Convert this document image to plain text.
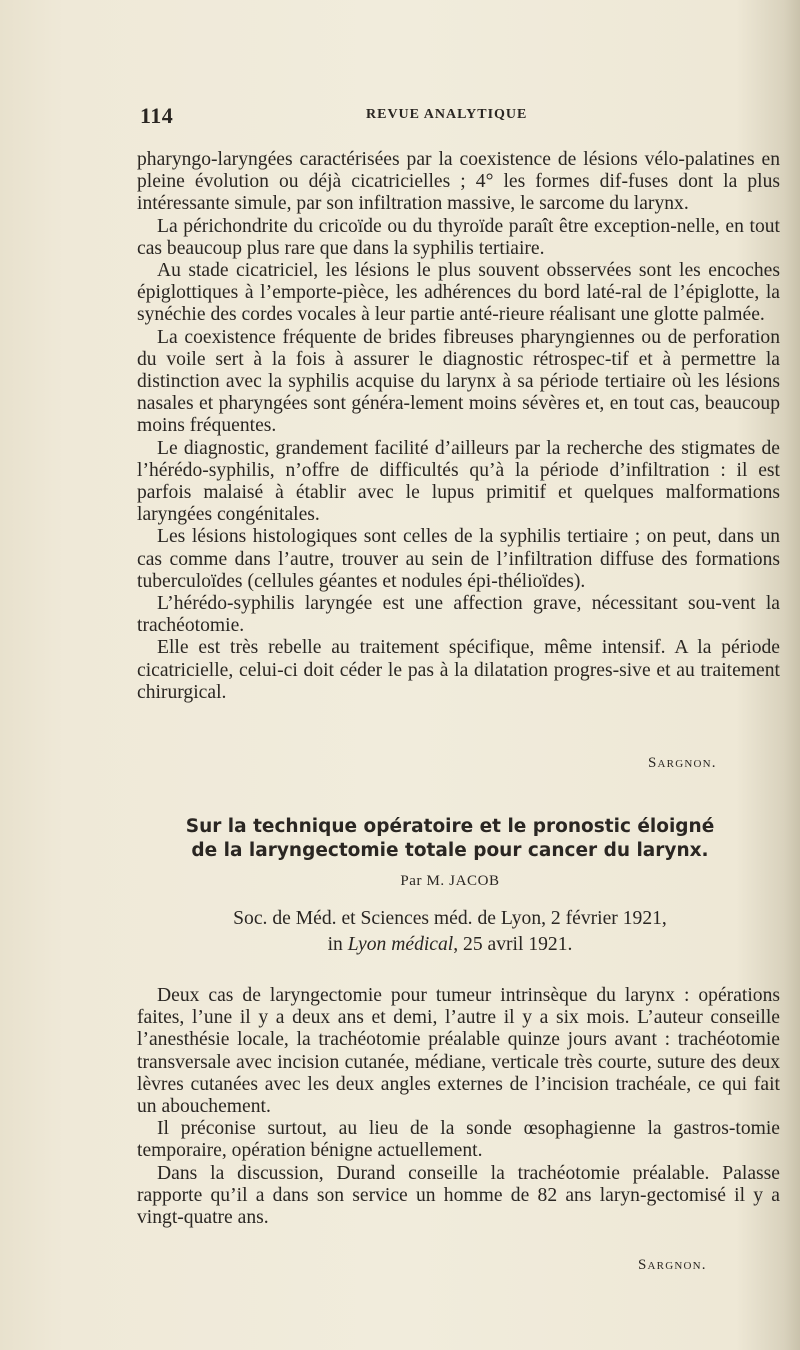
114	REVUE ANALYTIQUE

pharyngo-laryngées caractérisées par la coexistence de lésions vélo-palatines en pleine évolution ou déjà cicatricielles ; 4° les formes dif-fuses dont la plus intéressante simule, par son infiltration massive, le sarcome du larynx.

La périchondrite du cricoïde ou du thyroïde paraît être exception-nelle, en tout cas beaucoup plus rare que dans la syphilis tertiaire.

Au stade cicatriciel, les lésions le plus souvent obsservées sont les encoches épiglottiques à l’emporte-pièce, les adhérences du bord laté-ral de l’épiglotte, la synéchie des cordes vocales à leur partie anté-rieure réalisant une glotte palmée.

La coexistence fréquente de brides fibreuses pharyngiennes ou de perforation du voile sert à la fois à assurer le diagnostic rétrospec-tif et à permettre la distinction avec la syphilis acquise du larynx à sa période tertiaire où les lésions nasales et pharyngées sont généra-lement moins sévères et, en tout cas, beaucoup moins fréquentes.

Le diagnostic, grandement facilité d’ailleurs par la recherche des stigmates de l’hérédo-syphilis, n’offre de difficultés qu’à la période d’infiltration : il est parfois malaisé à établir avec le lupus primitif et quelques malformations laryngées congénitales.

Les lésions histologiques sont celles de la syphilis tertiaire ; on peut, dans un cas comme dans l’autre, trouver au sein de l’infiltration diffuse des formations tuberculoïdes (cellules géantes et nodules épi-thélioïdes).

L’hérédo-syphilis laryngée est une affection grave, nécessitant sou-vent la trachéotomie.

Elle est très rebelle au traitement spécifique, même intensif. A la période cicatricielle, celui-ci doit céder le pas à la dilatation progres-sive et au traitement chirurgical.

Sargnon.
Sur la technique opératoire et le pronostic éloigné
de la laryngectomie totale pour cancer du larynx.
Par M. JACOB
Soc. de Méd. et Sciences méd. de Lyon, 2 février 1921,
in Lyon médical, 25 avril 1921.

Deux cas de laryngectomie pour tumeur intrinsèque du larynx : opérations faites, l’une il y a deux ans et demi, l’autre il y a six mois. L’auteur conseille l’anesthésie locale, la trachéotomie préalable quinze jours avant : trachéotomie transversale avec incision cutanée, médiane, verticale très courte, suture des deux lèvres cutanées avec les deux angles externes de l’incision trachéale, ce qui fait un abouchement.

Il préconise surtout, au lieu de la sonde œsophagienne la gastros-tomie temporaire, opération bénigne actuellement.

Dans la discussion, Durand conseille la trachéotomie préalable. Palasse rapporte qu’il a dans son service un homme de 82 ans laryn-gectomisé il y a vingt-quatre ans.

Sargnon.
